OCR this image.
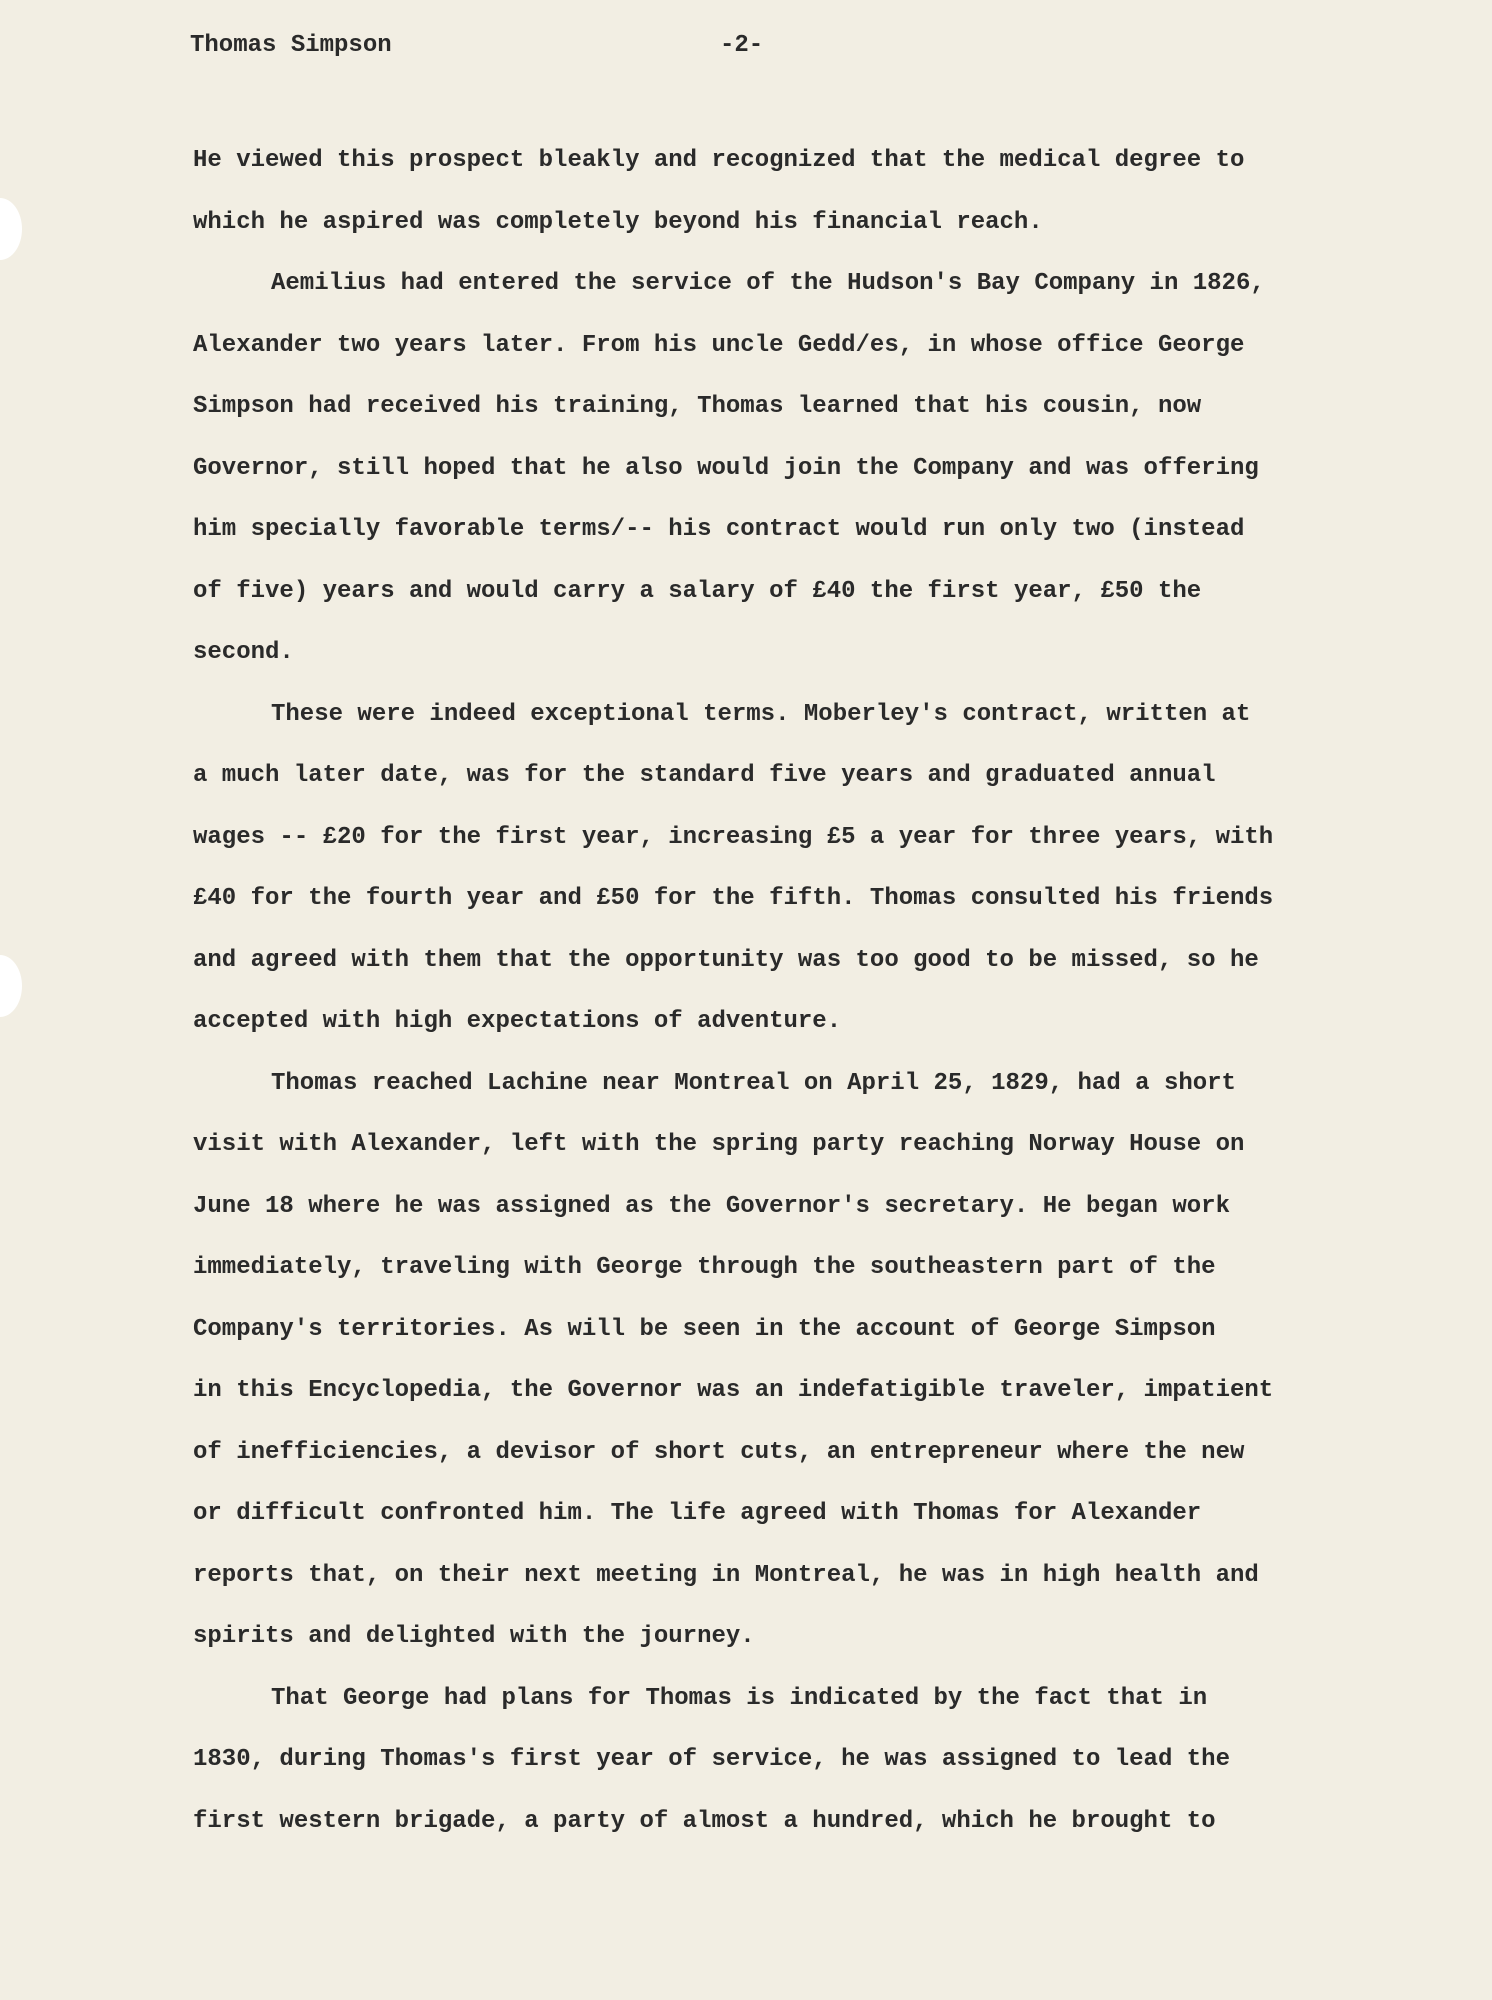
Thomas Simpson	-2-
He viewed this prospect bleakly and recognized that the medical degree to
which he aspired was completely beyond his financial reach.
Aemilius had entered the service of the Hudson's Bay Company in 1826,
Alexander two years later. From his uncle Gedd/es, in whose office George
Simpson had received his training, Thomas learned that his cousin, now
Governor, still hoped that he also would join the Company and was offering
him specially favorable terms/-- his contract would run only two (instead
of five) years and would carry a salary of £40 the first year, £50 the
second.
These were indeed exceptional terms. Moberley's contract, written at
a much later date, was for the standard five years and graduated annual
wages -- £20 for the first year, increasing £5 a year for three years, with
£40 for the fourth year and £50 for the fifth. Thomas consulted his friends
and agreed with them that the opportunity was too good to be missed, so he
accepted with high expectations of adventure.
Thomas reached Lachine near Montreal on April 25, 1829, had a short
visit with Alexander, left with the spring party reaching Norway House on
June 18 where he was assigned as the Governor's secretary. He began work
immediately, traveling with George through the southeastern part of the
Company's territories. As will be seen in the account of George Simpson
in this Encyclopedia, the Governor was an indefatigible traveler, impatient
of inefficiencies, a devisor of short cuts, an entrepreneur where the new
or difficult confronted him. The life agreed with Thomas for Alexander
reports that, on their next meeting in Montreal, he was in high health and
spirits and delighted with the journey.
That George had plans for Thomas is indicated by the fact that in
1830, during Thomas's first year of service, he was assigned to lead the
first western brigade, a party of almost a hundred, which he brought to
